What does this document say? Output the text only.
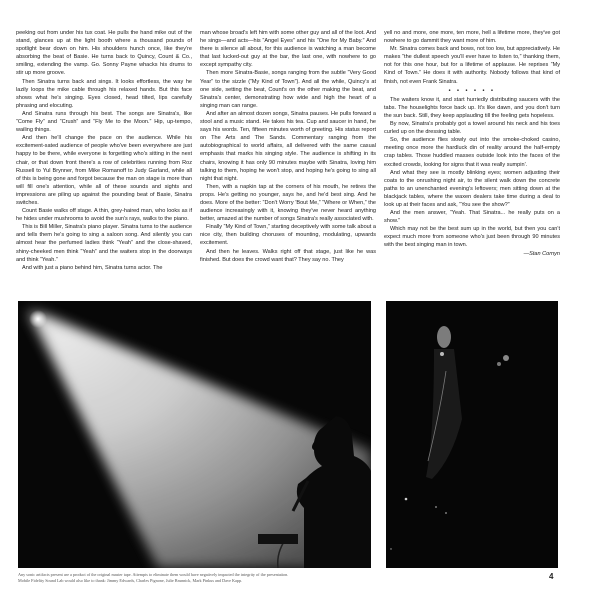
peeking out from under his tux coat. He pulls the hand mike out of the stand, glances up at the light booth where a thousand pounds of spotlight bear down on him. His shoulders hunch once, like they're absorbing the beat of Basie. He turns back to Quincy, Count & Co., smiling, extending the vamp. Go. Sonny Payne whacks his drums to stir up more groove.

Then Sinatra turns back and sings. It looks effortless, the way he lazily loops the mike cable through his relaxed hands. But this face shows what he's singing. Eyes closed, head tilted, lips carefully phrasing and elocuting.

And Sinatra runs through his best. The songs are Sinatra's, like “Come Fly” and “Crush” and “Fly Me to the Moon.” Hip, up-tempo, wailing things.

And then he'll change the pace on the audience. While his excitement-sated audience of people who've been everywhere are just happy to be there, while everyone is forgetting who's sitting in the next chair, or that down front there's a row of celebrities running from Roz Russell to Yul Brynner, from Mike Romanoff to Judy Garland, while all of this is being gone and forgot because the man on stage is more than will fill one's attention, while all of these sounds and sights and impressions are piling up against the pounding beat of Basie, Sinatra switches.

Count Basie walks off stage. A thin, grey-haired man, who looks as if he hides under mushrooms to avoid the sun's rays, walks to the piano.

This is Bill Miller, Sinatra's piano player. Sinatra turns to the audience and tells them he's going to sing a saloon song. And silently you can almost hear the perfumed ladies think “Yeah” and the close-shaved, shiny-cheeked men think “Yeah” and the waiters stop in the doorways and think “Yeah.”

And with just a piano behind him, Sinatra turns actor. The

man whose broad's left him with some other guy and all of the loot. And he sings—and acts—his “Angel Eyes” and his “One for My Baby.” And there is silence all about, for this audience is watching a man become that last lucked-out guy at the bar, the last one, with nowhere to go except sympathy city.

Then more Sinatra-Basie, songs ranging from the subtle “Very Good Year” to the sizzle (“My Kind of Town”). And all the while, Quincy's at one side, setting the beat, Count's on the other making the beat, and Sinatra's center, demonstrating how wide and high the heart of a singing man can range.

And after an almost dozen songs, Sinatra pauses. He pulls forward a stool and a music stand. He takes his tea. Cup and saucer in hand, he says his words. Ten, fifteen minutes worth of greeting. His status report on The Arts and The Sands. Commentary ranging from the autobiographical to world affairs, all delivered with the same casual emphasis that marks his singing style. The audience is shifting in its chairs, knowing it has only 90 minutes maybe with Sinatra, loving him talking to them, hoping he won't stop, and hoping he's going to sing all night that night.

Then, with a napkin tap at the corners of his mouth, he retires the props. He's getting no younger, says he, and he'd best sing. And he does. More of the better: “Don't Worry 'Bout Me,” “Where or When,” the audience increasingly with it, knowing they've never heard anything better, amazed at the number of songs Sinatra's really associated with.

Finally “My Kind of Town,” starting deceptively with some talk about a nice city, then building choruses of mounting, modulating, upwards excitement.

And then he leaves. Walks right off that stage, just like he was finished. But does the crowd want that? They say no. They

yell no and more, one more, ten more, hell a lifetime more, they've got nowhere to go dammit they want more of him.

Mr. Sinatra comes back and bows, not too low, but appreciatively. He makes “the dullest speech you'll ever have to listen to,” thanking them, not for this one hour, but for a lifetime of applause. He reprises “My Kind of Town.” He does it with authority. Nobody follows that kind of finish, not even Frank Sinatra.

• • • • • •

The waiters know it, and start hurriedly distributing saucers with the tabs. The houselights force back up. It's like dawn, and you don't turn the sun back. Still, they keep applauding till the feeling gets hopeless.

By now, Sinatra's probably got a towel around his neck and his toes curled up on the dressing table.

So, the audience flies slowly out into the smoke-choked casino, meeting once more the hardluck din of reality around the half-empty crap tables. Those huddled masses outside look into the faces of the excited crowds, looking for signs that it was really sumpin'.

And what they see is mostly blinking eyes; women adjusting their coats to the onrushing night air, to the silent walk down the concrete paths to an unenchanted evening's leftovers; men sitting down at the blackjack tables, where the waxen dealers take time during a deal to look up at their faces and ask, “You see the show?”

And the men answer, “Yeah. That Sinatra... he really puts on a show.”

Which may not be the best sum up in the world, but then you can't expect much more from someone who's just been through 90 minutes with the best singing man in town.

—Stan Cornyn

Any sonic artifacts present are a product of the original master tape. Attempts to eliminate them would have negatively impacted the integrity of the presentation.
Mobile Fidelity Sound Lab would also like to thank: Jimmy Edwards, Charles Pignone, Julie Brunnick, Mark Pinkus and Dave Kapp.	4
